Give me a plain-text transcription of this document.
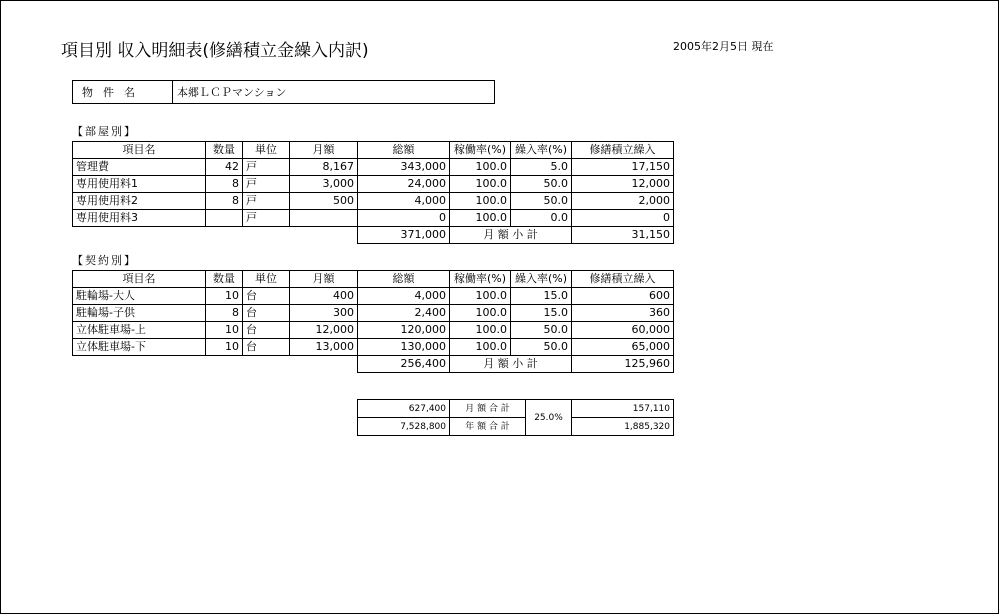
項目別 収入明細表(修繕積立金繰入内訳)	2005年2月5日 現在
物件名	本郷ＬＣＰマンション
【部屋別】
項目名	数量	単位	月額	総額	稼働率(%)	繰入率(%)	修繕積立繰入
管理費	42	戸	8,167	343,000	100.0	5.0	17,150
専用使用料1	8	戸	3,000	24,000	100.0	50.0	12,000
専用使用料2	8	戸	500	4,000	100.0	50.0	2,000
専用使用料3		戸		0	100.0	0.0	0
				371,000	月 額 小 計		31,150
【契約別】
項目名	数量	単位	月額	総額	稼働率(%)	繰入率(%)	修繕積立繰入
駐輪場-大人	10	台	400	4,000	100.0	15.0	600
駐輪場-子供	8	台	300	2,400	100.0	15.0	360
立体駐車場-上	10	台	12,000	120,000	100.0	50.0	60,000
立体駐車場-下	10	台	13,000	130,000	100.0	50.0	65,000
				256,400	月 額 小 計		125,960
627,400	月 額 合 計	25.0%	157,110
7,528,800	年 額 合 計		1,885,320
